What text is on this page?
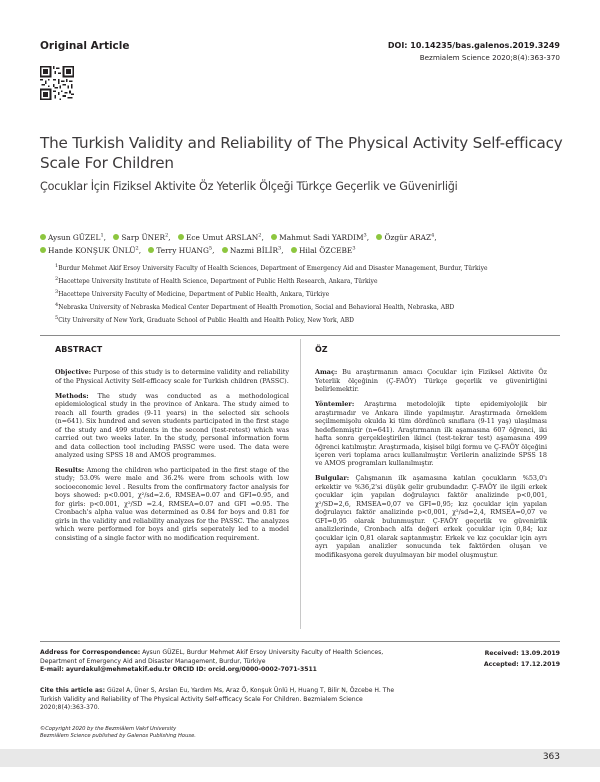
Original Article	DOI: 10.14235/bas.galenos.2019.3249
Bezmialem Science 2020;8(4):363-370
The Turkish Validity and Reliability of The Physical Activity Self-efficacy Scale For Children
Çocuklar İçin Fiziksel Aktivite Öz Yeterlik Ölçeği Türkçe Geçerlik ve Güvenirliği
Aysun GÜZEL$^1$, Sarp ÜNER$^2$, Ece Umut ARSLAN$^2$, Mahmut Sadi YARDIM$^3$, Özgür ARAZ$^4$,
Hande KONŞUK ÜNLÜ$^2$, Terry HUANG$^5$, Nazmi BİLİR$^3$, Hilal ÖZCEBE$^3$
$^1$Burdur Mehmet Akif Ersoy University Faculty of Health Sciences, Department of Emergency Aid and Disaster Management, Burdur, Türkiye
$^2$Hacettepe University Institute of Health Science, Department of Public Helth Research, Ankara, Türkiye
$^3$Hacettepe University Faculty of Medicine, Department of Public Health, Ankara, Türkiye
$^4$Nebraska University of Nebraska Medical Center Department of Health Promotion, Social and Behavioral Health, Nebraska, ABD
$^5$City University of New York, Graduate School of Public Health and Health Policy, New York, ABD
ABSTRACT

Objective: Purpose of this study is to determine validity and reliability of the Physical Activity Self-efficacy scale for Turkish children (PASSC).

Methods: The study was conducted as a methodological epidemiological study in the province of Ankara. The study aimed to reach all fourth grades (9-11 years) in the selected six schools (n=641). Six hundred and seven students participated in the first stage of the study and 499 students in the second (test-retest) which was carried out two weeks later. In the study, personal information form and data collection tool including PASSC were used. The data were analyzed using SPSS 18 and AMOS programmes.

Results: Among the children who participated in the first stage of the study; 53.0% were male and 36.2% were from schools with low socioeconomic level . Results from the confirmatory factor analysis for boys showed: p<0.001, χ²/sd=2.6, RMSEA=0.07 and GFI=0.95, and for girls: p<0.001, χ²/SD =2.4, RMSEA=0.07 and GFI =0.95. The Cronbach's alpha value was determined as 0.84 for boys and 0.81 for girls in the validity and reliability analyzes for the PASSC. The analyzes which were performed for boys and girls seperately led to a model consisting of a single factor with no modification requirement.

ÖZ

Amaç: Bu araştırmanın amacı Çocuklar için Fiziksel Aktivite Öz Yeterlik ölçeğinin (Ç-FAÖY) Türkçe geçerlik ve güvenirliğini belirlemektir.

Yöntemler: Araştırma metodolojik tipte epidemiyolojik bir araştırmadır ve Ankara ilinde yapılmıştır. Araştırmada örneklem seçilmemişolu okulda ki tüm dördüncü sınıflara (9-11 yaş) ulaşılması hedeflenmiştir (n=641). Araştırmanın ilk aşamasına 607 öğrenci, iki hafta sonra gerçekleştirilen ikinci (test-tekrar test) aşamasına 499 öğrenci katılmıştır. Araştırmada, kişisel bilgi formu ve Ç-FAÖY ölçeğini içeren veri toplama aracı kullanılmıştır. Verilerin analizinde SPSS 18 ve AMOS programları kullanılmıştır.

Bulgular: Çalışmanın ilk aşamasına katılan çocukların %53,0'ı erkektir ve %36,2'si düşük gelir grubundadır. Ç-FAÖY ile ilgili erkek çocuklar için yapılan doğrulayıcı faktör analizinde p<0,001, χ²/SD=2,6, RMSEA=0,07 ve GFI=0,95; kız çocuklar için yapılan doğrulayıcı faktör analizinde p<0,001, χ²/sd=2,4, RMSEA=0,07 ve GFI=0,95 olarak bulunmuştur. Ç-FAÖY geçerlik ve güvenirlik analizlerinde, Cronbach alfa değeri erkek çocuklar için 0,84; kız çocuklar için 0,81 olarak saptanmıştır. Erkek ve kız çocuklar için ayrı ayrı yapılan analizler sonucunda tek faktörden oluşan ve modifikasyona gerek duyulmayan bir model oluşmuştur.

Address for Correspondence: Aysun GÜZEL, Burdur Mehmet Akif Ersoy University Faculty of Health Sciences, Department of Emergency Aid and Disaster Management, Burdur, Türkiye
E-mail: ayurdakul@mehmetakif.edu.tr ORCID ID: orcid.org/0000-0002-7071-3511
Received: 13.09.2019
Accepted: 17.12.2019
Cite this article as: Güzel A, Üner S, Arslan Eu, Yardım Ms, Araz Ö, Konşuk Ünlü H, Huang T, Bilir N, Özcebe H. The Turkish Validity and Reliability of The Physical Activity Self-efficacy Scale For Children. Bezmialem Science 2020;8(4):363-370.
©Copyright 2020 by the Bezmiâlem Vakıf University
Bezmiâlem Science published by Galenos Publishing House.
363
